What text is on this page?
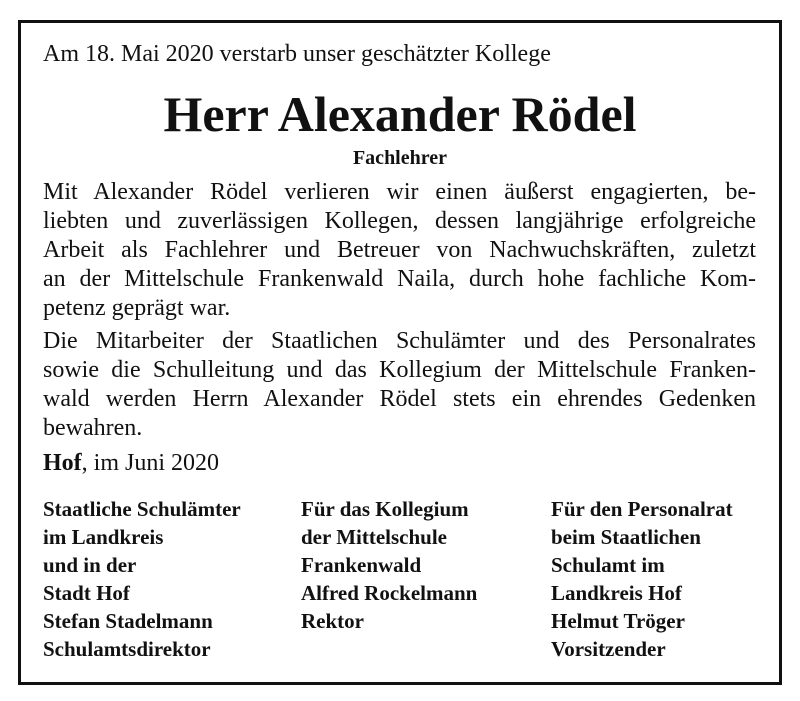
Am 18. Mai 2020 verstarb unser geschätzter Kollege
Herr Alexander Rödel
Fachlehrer

Mit Alexander Rödel verlieren wir einen äußerst engagierten, be-
liebten und zuverlässigen Kollegen, dessen langjährige erfolgreiche
Arbeit als Fachlehrer und Betreuer von Nachwuchskräften, zuletzt
an der Mittelschule Frankenwald Naila, durch hohe fachliche Kom-
petenz geprägt war.

Die Mitarbeiter der Staatlichen Schulämter und des Personalrates
sowie die Schulleitung und das Kollegium der Mittelschule Franken-
wald werden Herrn Alexander Rödel stets ein ehrendes Gedenken
bewahren.

Hof, im Juni 2020
Staatliche Schulämter
im Landkreis
und in der
Stadt Hof
Stefan Stadelmann
Schulamtsdirektor
Für das Kollegium
der Mittelschule
Frankenwald
Alfred Rockelmann
Rektor
Für den Personalrat
beim Staatlichen
Schulamt im
Landkreis Hof
Helmut Tröger
Vorsitzender
